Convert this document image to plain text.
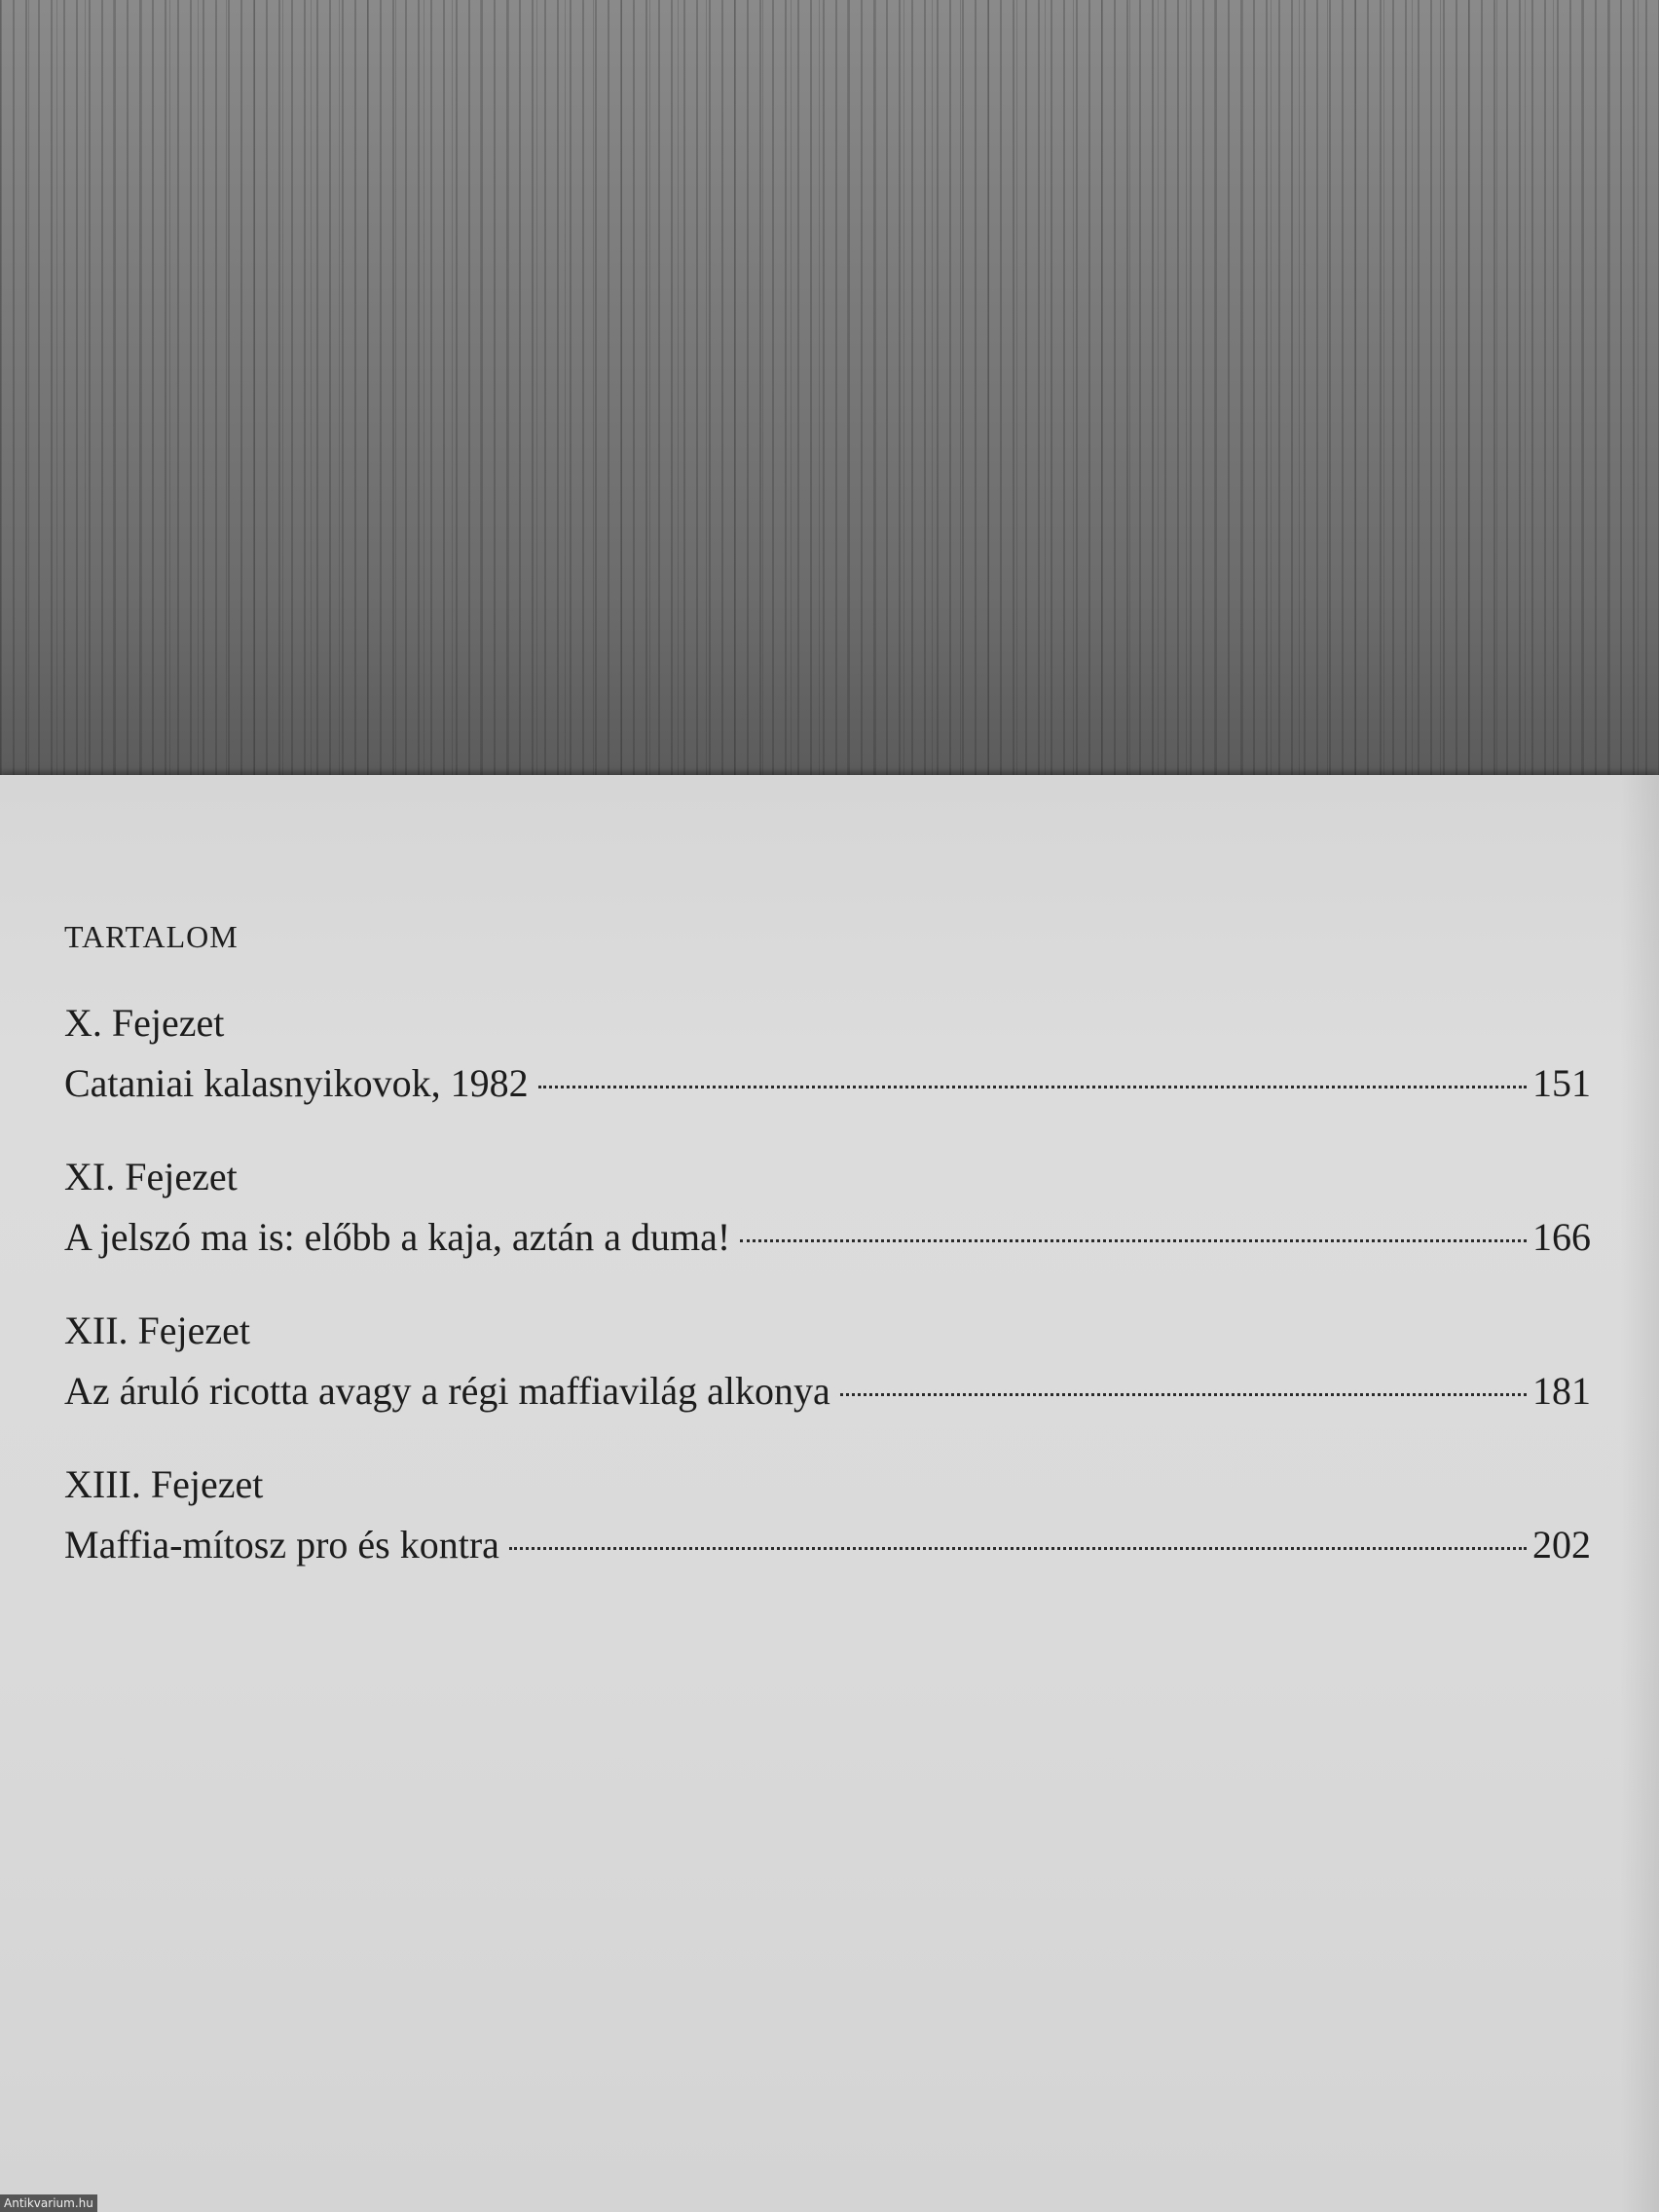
TARTALOM
X. Fejezet
Cataniai kalasnyikovok, 1982	151
XI. Fejezet
A jelszó ma is: előbb a kaja, aztán a duma!	166
XII. Fejezet
Az áruló ricotta avagy a régi maffiavilág alkonya	181
XIII. Fejezet
Maffia-mítosz pro és kontra	202
Antikvarium.hu
